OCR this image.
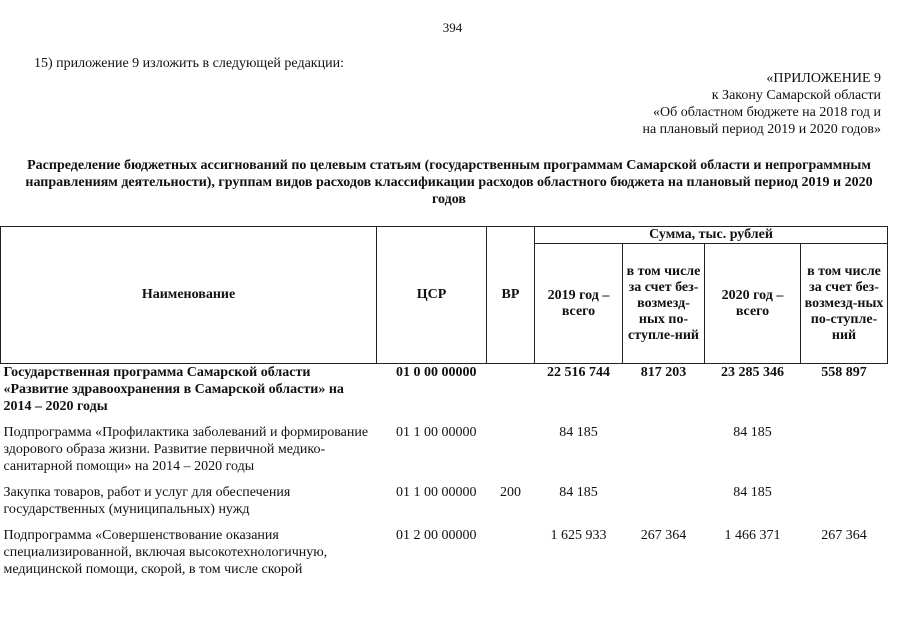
394
15) приложение 9 изложить в следующей редакции:
«ПРИЛОЖЕНИЕ 9
к Закону Самарской области
«Об областном бюджете на 2018 год и
на плановый период 2019 и 2020 годов»
Распределение бюджетных ассигнований по целевым статьям (государственным программам Самарской области и непрограммным направлениям деятельности), группам видов расходов классификации расходов областного бюджета на плановый период 2019 и 2020 годов
Наименование	ЦСР	ВР	Сумма, тыс. рублей			
			2019 год – всего	в том числе за счет без-возмезд-ных по-ступле-ний	2020 год – всего	в том числе за счет без-возмезд-ных по-ступле-ний
Государственная программа Самарской области «Развитие здравоохранения в Самарской области» на 2014 – 2020 годы	01 0 00 00000		22 516 744	817 203	23 285 346	558 897

Подпрограмма «Профилактика заболеваний и формирование здорового образа жизни. Развитие первичной медико-санитарной помощи» на 2014 – 2020 годы	01 1 00 00000		84 185		84 185	

Закупка товаров, работ и услуг для обеспечения государственных (муниципальных) нужд	01 1 00 00000	200	84 185		84 185	

Подпрограмма «Совершенствование оказания специализированной, включая высокотехнологичную, медицинской помощи, скорой, в том числе скорой	01 2 00 00000		1 625 933	267 364	1 466 371	267 364
